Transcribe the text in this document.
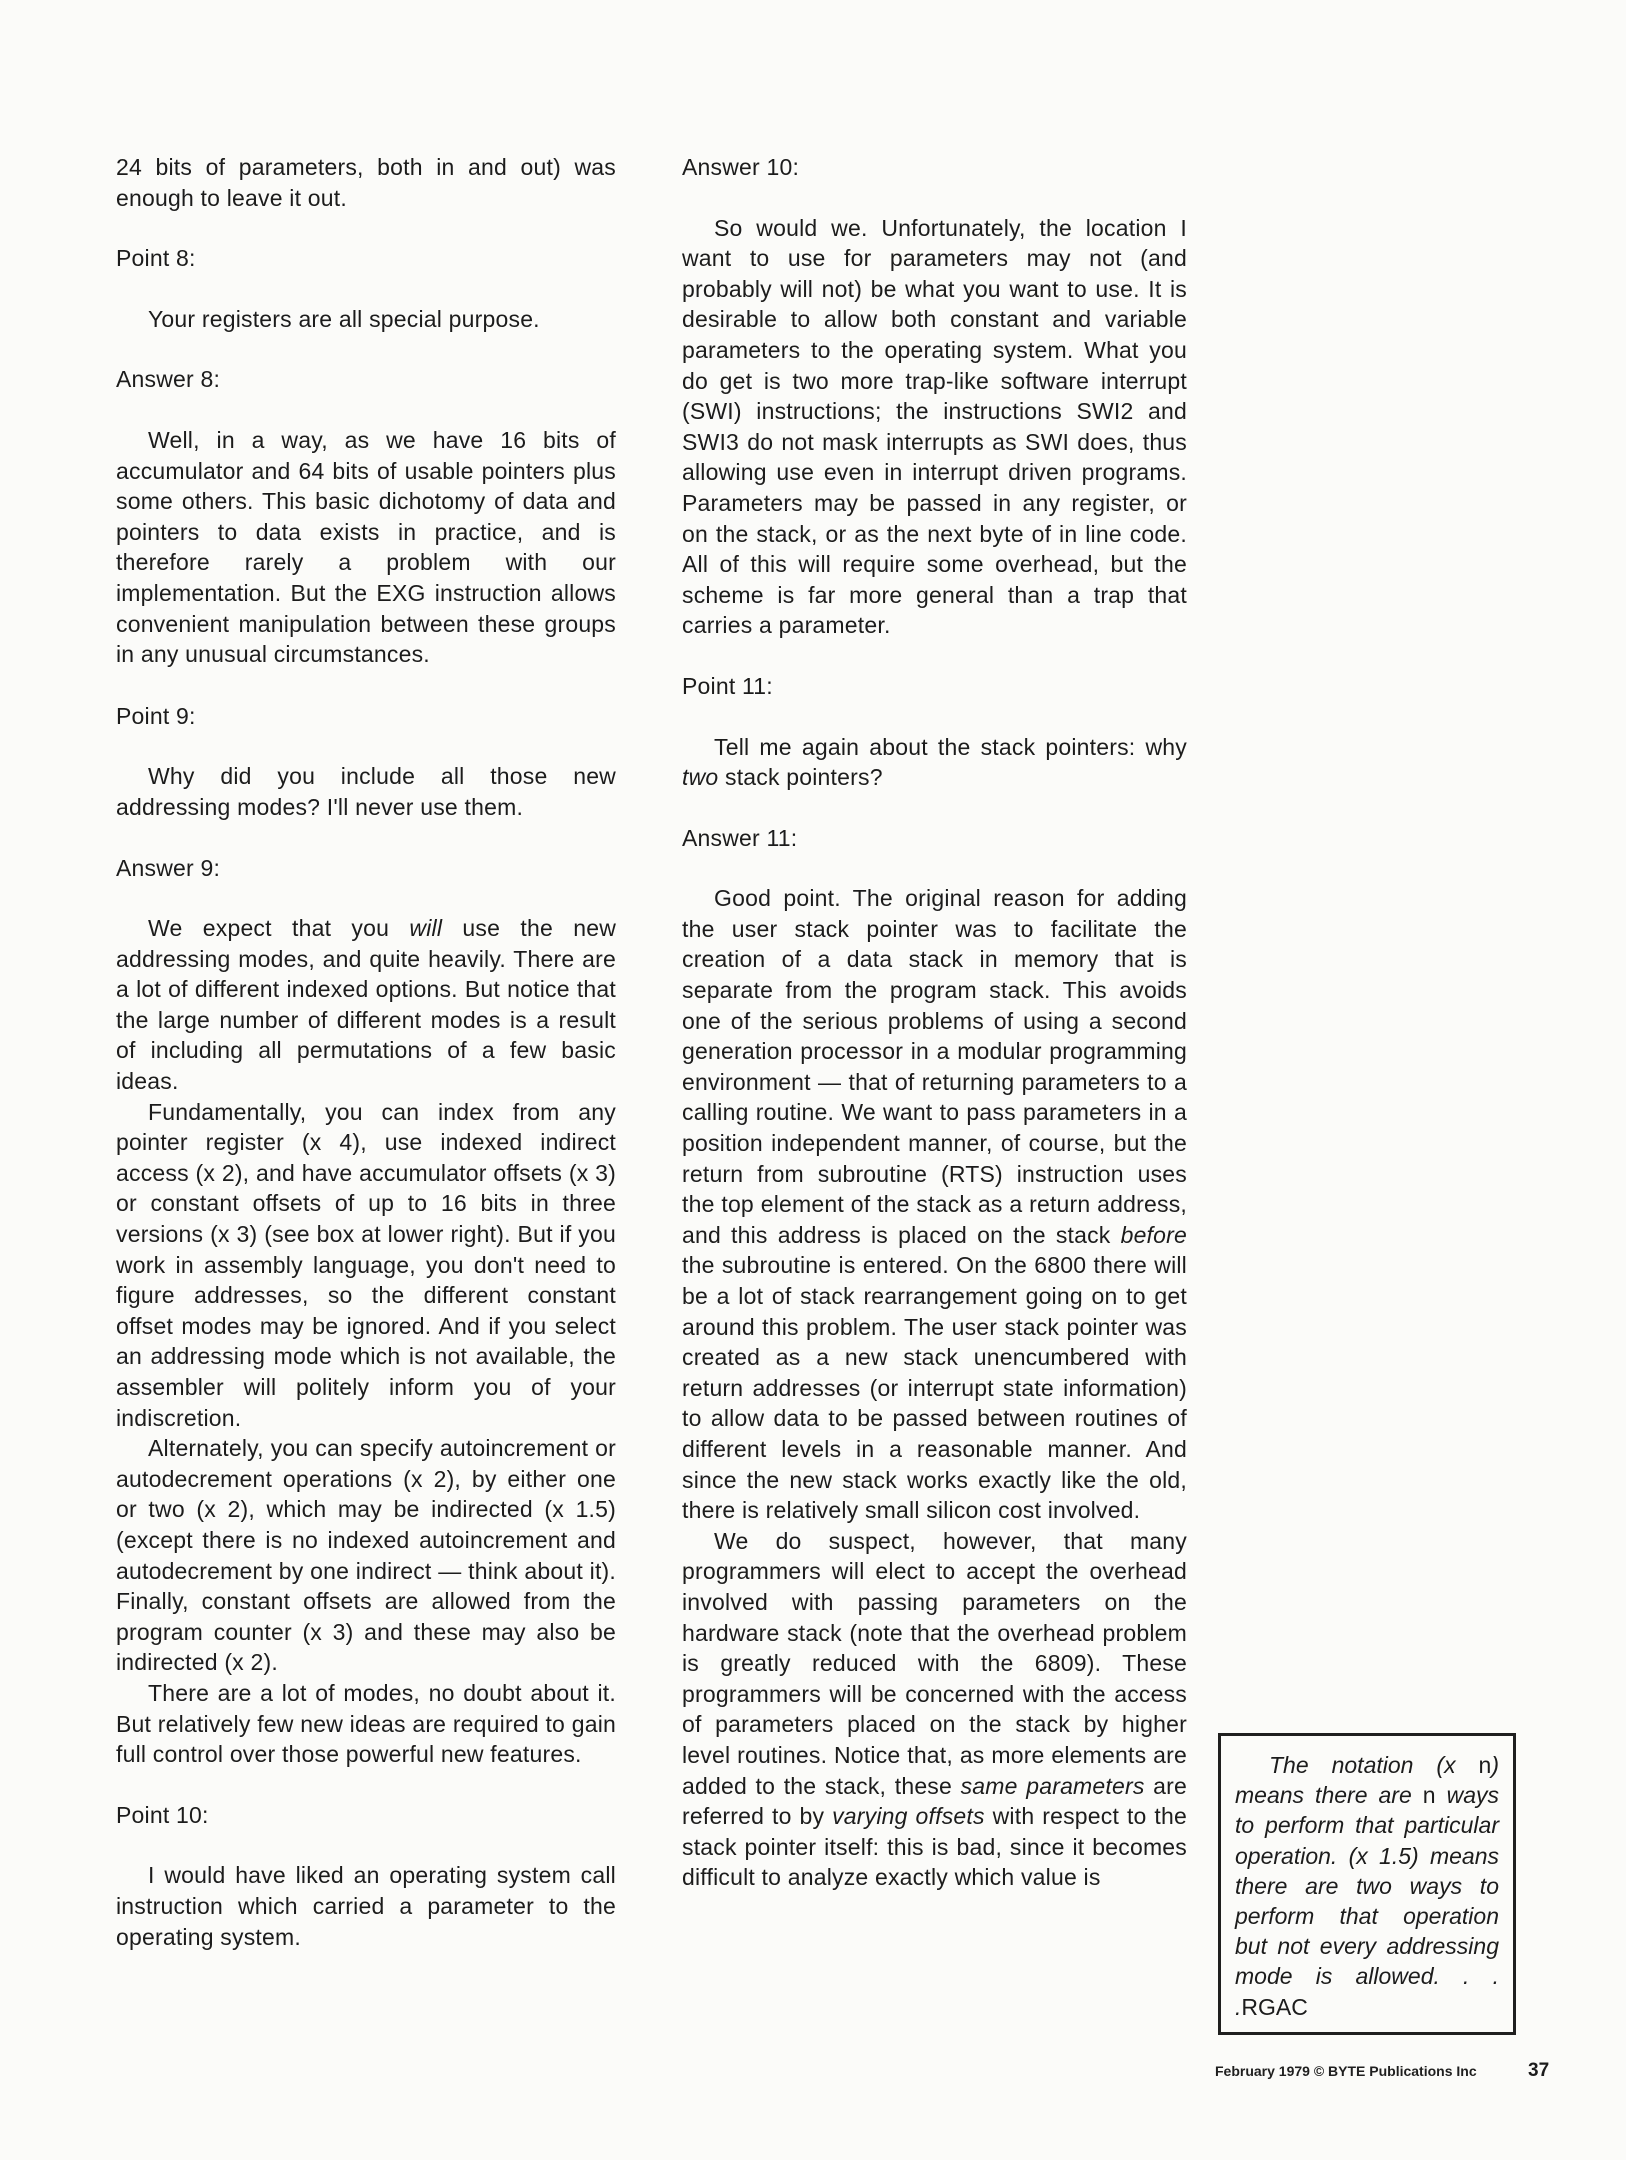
24 bits of parameters, both in and out) was enough to leave it out.

Point 8:

Your registers are all special purpose.

Answer 8:

Well, in a way, as we have 16 bits of accumulator and 64 bits of usable pointers plus some others. This basic dichotomy of data and pointers to data exists in practice, and is therefore rarely a problem with our implementation. But the EXG instruction allows convenient manipulation between these groups in any unusual circumstances.

Point 9:

Why did you include all those new addressing modes? I'll never use them.

Answer 9:

We expect that you will use the new addressing modes, and quite heavily. There are a lot of different indexed options. But notice that the large number of different modes is a result of including all permutations of a few basic ideas.

Fundamentally, you can index from any pointer register (x 4), use indexed indirect access (x 2), and have accumulator offsets (x 3) or constant offsets of up to 16 bits in three versions (x 3) (see box at lower right). But if you work in assembly language, you don't need to figure addresses, so the different constant offset modes may be ignored. And if you select an addressing mode which is not available, the assembler will politely inform you of your indiscretion.

Alternately, you can specify autoincrement or autodecrement operations (x 2), by either one or two (x 2), which may be indirected (x 1.5) (except there is no indexed autoincrement and autodecrement by one indirect — think about it). Finally, constant offsets are allowed from the program counter (x 3) and these may also be indirected (x 2).

There are a lot of modes, no doubt about it. But relatively few new ideas are required to gain full control over those powerful new features.

Point 10:

I would have liked an operating system call instruction which carried a parameter to the operating system.

Answer 10:

So would we. Unfortunately, the location I want to use for parameters may not (and probably will not) be what you want to use. It is desirable to allow both constant and variable parameters to the operating system. What you do get is two more trap-like software interrupt (SWI) instructions; the instructions SWI2 and SWI3 do not mask interrupts as SWI does, thus allowing use even in interrupt driven programs. Parameters may be passed in any register, or on the stack, or as the next byte of in line code. All of this will require some overhead, but the scheme is far more general than a trap that carries a parameter.

Point 11:

Tell me again about the stack pointers: why two stack pointers?

Answer 11:

Good point. The original reason for adding the user stack pointer was to facilitate the creation of a data stack in memory that is separate from the program stack. This avoids one of the serious problems of using a second generation processor in a modular programming environment — that of returning parameters to a calling routine. We want to pass parameters in a position independent manner, of course, but the return from subroutine (RTS) instruction uses the top element of the stack as a return address, and this address is placed on the stack before the subroutine is entered. On the 6800 there will be a lot of stack rearrangement going on to get around this problem. The user stack pointer was created as a new stack unencumbered with return addresses (or interrupt state information) to allow data to be passed between routines of different levels in a reasonable manner. And since the new stack works exactly like the old, there is relatively small silicon cost involved.

We do suspect, however, that many programmers will elect to accept the overhead involved with passing parameters on the hardware stack (note that the overhead problem is greatly reduced with the 6809). These programmers will be concerned with the access of parameters placed on the stack by higher level routines. Notice that, as more elements are added to the stack, these same parameters are referred to by varying offsets with respect to the stack pointer itself: this is bad, since it becomes difficult to analyze exactly which value is

The notation (x n) means there are n ways to perform that particular operation. (x 1.5) means there are two ways to perform that operation but not every addressing mode is allowed. . . .RGAC

February 1979 © BYTE Publications Inc	37
